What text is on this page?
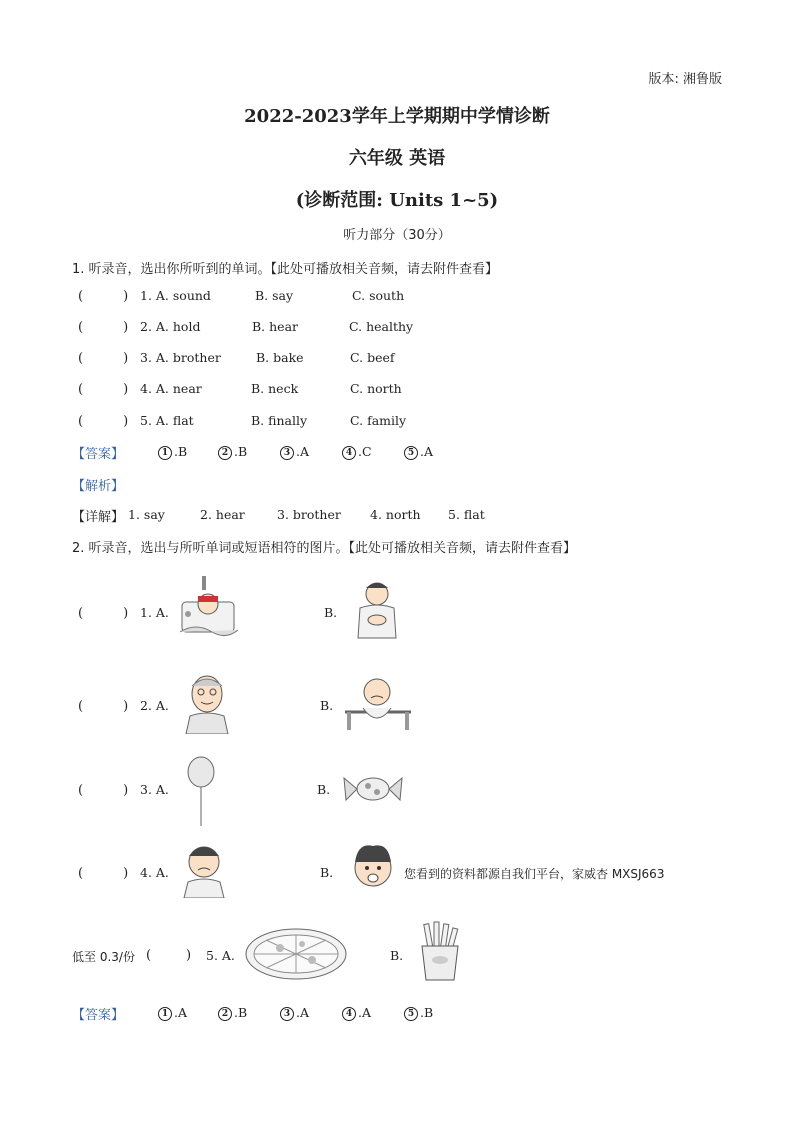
版本: 湘鲁版
2022-2023学年上学期期中学情诊断
六年级 英语
(诊断范围: Units 1~5)
听力部分（30分）
1. 听录音，选出你所听到的单词。【此处可播放相关音频，请去附件查看】
(	) 1. A. sound	B. say	C. south
(	) 2. A. hold	B. hear	C. healthy
(	) 3. A. brother	B. bake	C. beef
(	) 4. A. near	B. neck	C. north
(	) 5. A. flat	B. finally	C. family
【答案】	1 .B	2 .B	3 .A	4 .C	5 .A
【解析】
【详解】 1. say	2. hear	3. brother 4. north 5. flat
2. 听录音，选出与所听单词或短语相符的图片。【此处可播放相关音频，请去附件查看】
(	) 1. A.	B.
(	) 2. A.	B.
(	) 3. A.	B.
(	) 4. A.	B.	您看到的资料都源自我们平台，家威杏 MXSJ663
低至 0.3/份 (	) 5. A.	B.
【答案】	1 .A	2 .B	3 .A	4 .A	5 .B
